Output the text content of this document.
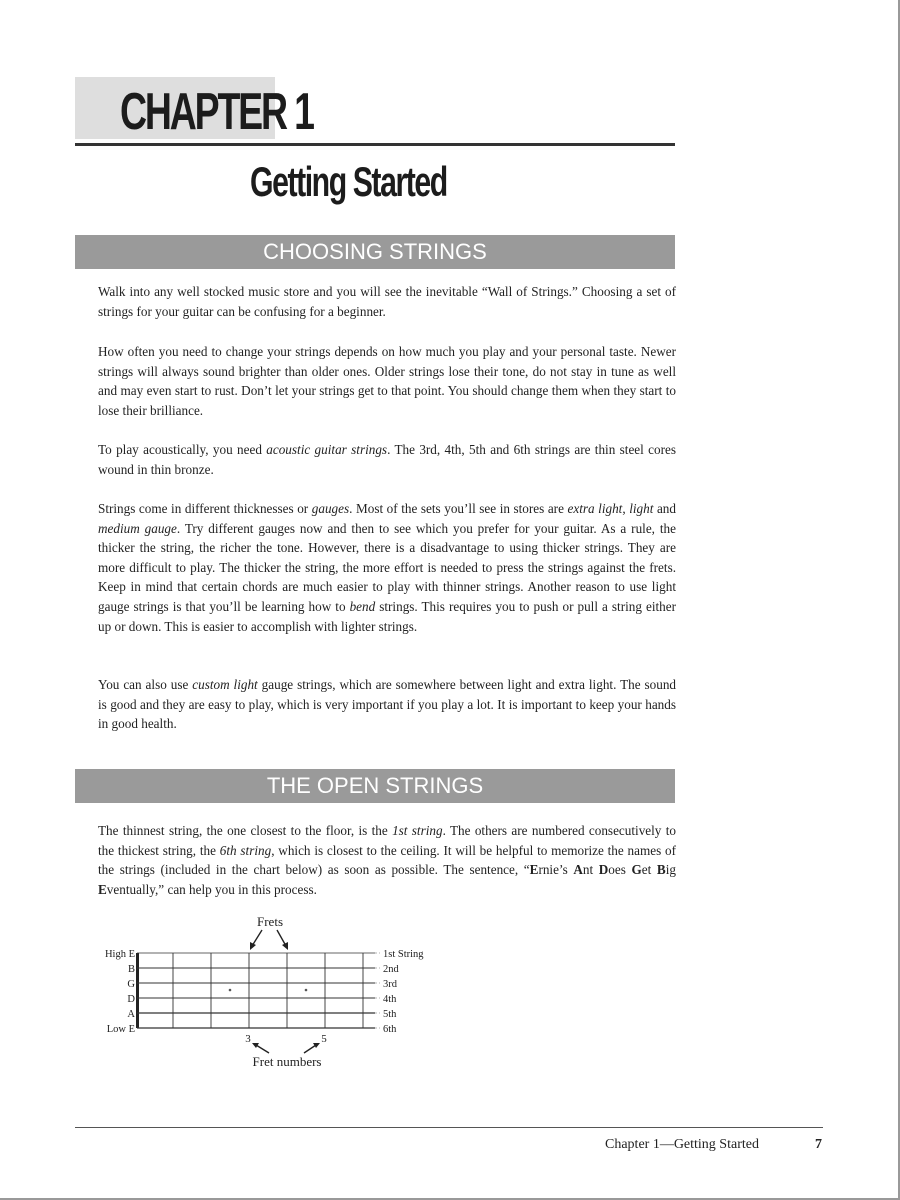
CHAPTER 1
Getting Started
CHOOSING STRINGS

Walk into any well stocked music store and you will see the inevitable “Wall of Strings.” Choosing a set of strings for your guitar can be confusing for a beginner.

How often you need to change your strings depends on how much you play and your personal taste. Newer strings will always sound brighter than older ones. Older strings lose their tone, do not stay in tune as well and may even start to rust. Don’t let your strings get to that point. You should change them when they start to lose their brilliance.

To play acoustically, you need acoustic guitar strings. The 3rd, 4th, 5th and 6th strings are thin steel cores wound in thin bronze.

Strings come in different thicknesses or gauges. Most of the sets you’ll see in stores are extra light, light and medium gauge. Try different gauges now and then to see which you prefer for your guitar. As a rule, the thicker the string, the richer the tone. However, there is a disadvantage to using thicker strings. They are more difficult to play. The thicker the string, the more effort is needed to press the strings against the frets. Keep in mind that certain chords are much easier to play with thinner strings. Another reason to use light gauge strings is that you’ll be learning how to bend strings. This requires you to push or pull a string either up or down. This is easier to accomplish with lighter strings.

You can also use custom light gauge strings, which are somewhere between light and extra light. The sound is good and they are easy to play, which is very important if you play a lot. It is important to keep your hands in good health.

THE OPEN STRINGS

The thinnest string, the one closest to the floor, is the 1st string. The others are numbered consecutively to the thickest string, the 6th string, which is closest to the ceiling. It will be helpful to memorize the names of the strings (included in the chart below) as soon as possible. The sentence, “Ernie’s Ant Does Get Big Eventually,” can help you in this process.

Frets
High E
B
G
D
A
Low E
1st String
2nd
3rd
4th
5th
6th
3	5
Fret numbers
Chapter 1—Getting Started	7
